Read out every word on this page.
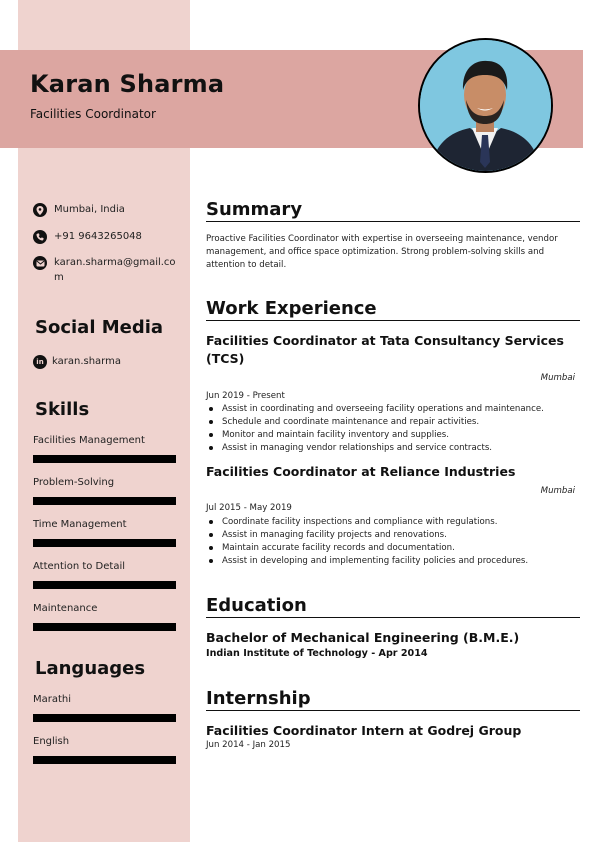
Karan Sharma
Facilities Coordinator
Mumbai, India
+91 9643265048
karan.sharma@gmail.com
Social Media
in karan.sharma
Skills
Facilities Management
Problem-Solving
Time Management
Attention to Detail
Maintenance
Languages
Marathi
English
Summary
Proactive Facilities Coordinator with expertise in overseeing maintenance, vendor management, and office space optimization. Strong problem-solving skills and attention to detail.
Work Experience
Facilities Coordinator at Tata Consultancy Services (TCS)
Mumbai
Jun 2019 - Present
Assist in coordinating and overseeing facility operations and maintenance.
Schedule and coordinate maintenance and repair activities.
Monitor and maintain facility inventory and supplies.
Assist in managing vendor relationships and service contracts.
Facilities Coordinator at Reliance Industries
Mumbai
Jul 2015 - May 2019
Coordinate facility inspections and compliance with regulations.
Assist in managing facility projects and renovations.
Maintain accurate facility records and documentation.
Assist in developing and implementing facility policies and procedures.
Education
Bachelor of Mechanical Engineering (B.M.E.)
Indian Institute of Technology - Apr 2014
Internship
Facilities Coordinator Intern at Godrej Group
Jun 2014 - Jan 2015
